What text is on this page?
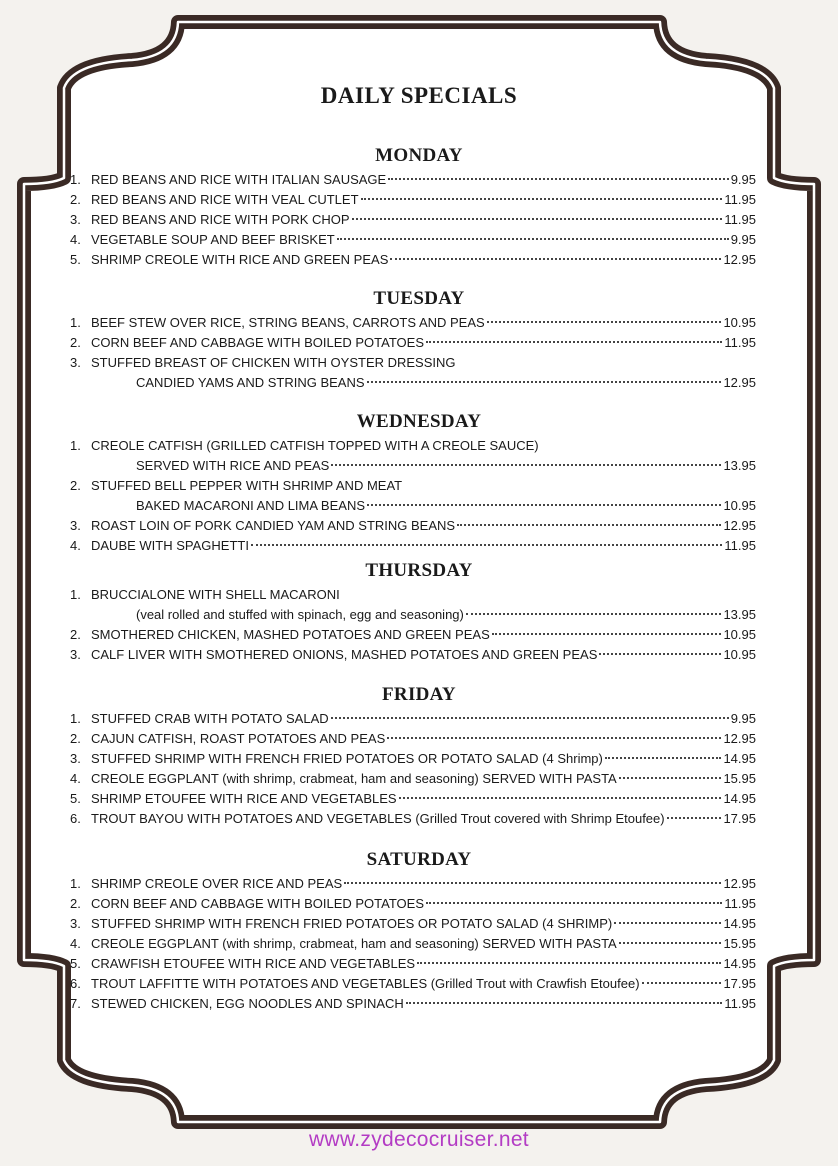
DAILY SPECIALS
MONDAY
1. RED BEANS AND RICE WITH ITALIAN SAUSAGE	9.95
2. RED BEANS AND RICE WITH VEAL CUTLET	11.95
3. RED BEANS AND RICE WITH PORK CHOP	11.95
4. VEGETABLE SOUP AND BEEF BRISKET	9.95
5. SHRIMP CREOLE WITH RICE AND GREEN PEAS	12.95
TUESDAY
1. BEEF STEW OVER RICE, STRING BEANS, CARROTS AND PEAS	10.95
2. CORN BEEF AND CABBAGE WITH BOILED POTATOES	11.95
3. STUFFED BREAST OF CHICKEN WITH OYSTER DRESSING
CANDIED YAMS AND STRING BEANS	12.95
WEDNESDAY
1. CREOLE CATFISH (GRILLED CATFISH TOPPED WITH A CREOLE SAUCE)
SERVED WITH RICE AND PEAS	13.95
2. STUFFED BELL PEPPER WITH SHRIMP AND MEAT
BAKED MACARONI AND LIMA BEANS	10.95
3. ROAST LOIN OF PORK CANDIED YAM AND STRING BEANS	12.95
4. DAUBE WITH SPAGHETTI	11.95
THURSDAY
1. BRUCCIALONE WITH SHELL MACARONI
(veal rolled and stuffed with spinach, egg and seasoning)	13.95
2. SMOTHERED CHICKEN, MASHED POTATOES AND GREEN PEAS	10.95
3. CALF LIVER WITH SMOTHERED ONIONS, MASHED POTATOES AND GREEN PEAS	10.95
FRIDAY
1. STUFFED CRAB WITH POTATO SALAD	9.95
2. CAJUN CATFISH, ROAST POTATOES AND PEAS	12.95
3. STUFFED SHRIMP WITH FRENCH FRIED POTATOES OR POTATO SALAD (4 Shrimp)	14.95
4. CREOLE EGGPLANT (with shrimp, crabmeat, ham and seasoning) SERVED WITH PASTA	15.95
5. SHRIMP ETOUFEE WITH RICE AND VEGETABLES	14.95
6. TROUT BAYOU WITH POTATOES AND VEGETABLES (Grilled Trout covered with Shrimp Etoufee)	17.95
SATURDAY
1. SHRIMP CREOLE OVER RICE AND PEAS	12.95
2. CORN BEEF AND CABBAGE WITH BOILED POTATOES	11.95
3. STUFFED SHRIMP WITH FRENCH FRIED POTATOES OR POTATO SALAD (4 SHRIMP)	14.95
4. CREOLE EGGPLANT (with shrimp, crabmeat, ham and seasoning) SERVED WITH PASTA	15.95
5. CRAWFISH ETOUFEE WITH RICE AND VEGETABLES	14.95
6. TROUT LAFFITTE WITH POTATOES AND VEGETABLES (Grilled Trout with Crawfish Etoufee)	17.95
7. STEWED CHICKEN, EGG NOODLES AND SPINACH	11.95
www.zydecocruiser.net
